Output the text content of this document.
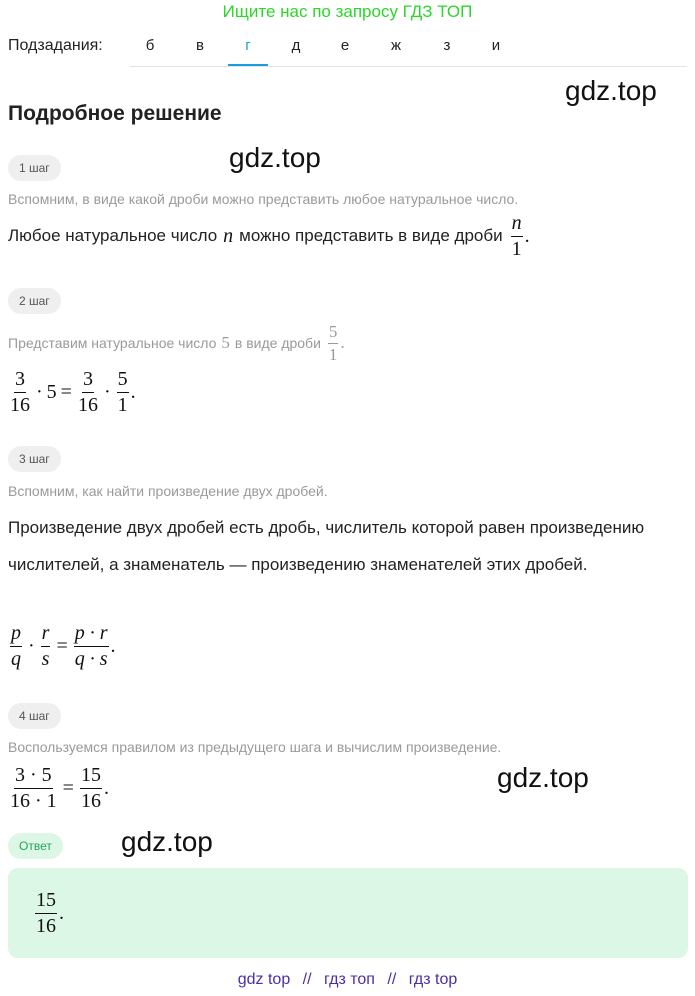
Ищите нас по запросу ГДЗ ТОП
Подзадания:	б	в	г	д	е	ж	з	и
gdz.top
Подробное решение
gdz.top
1 шаг
Вспомним, в виде какой дроби можно представить любое натуральное число.
Любое натуральное число n можно представить в виде дроби $\frac{n}{1}$ .
2 шаг
Представим натуральное число 5 в виде дроби $\frac{5}{1}$ .
$\frac{3}{16} \cdot 5 = \frac{3}{16} \cdot \frac{5}{1}$ .
3 шаг
Вспомним, как найти произведение двух дробей.
Произведение двух дробей есть дробь, числитель которой равен произведению числителей, а знаменатель — произведению знаменателей этих дробей.
$\frac{p}{q} \cdot \frac{r}{s} = \frac{p \cdot r}{q \cdot s}$ .
4 шаг
Воспользуемся правилом из предыдущего шага и вычислим произведение.
$\frac{3 \cdot 5}{16 \cdot 1} = \frac{15}{16}$ .	gdz.top
Ответ	gdz.top
$\frac{15}{16}$ .
gdz top // гдз топ // гдз top
